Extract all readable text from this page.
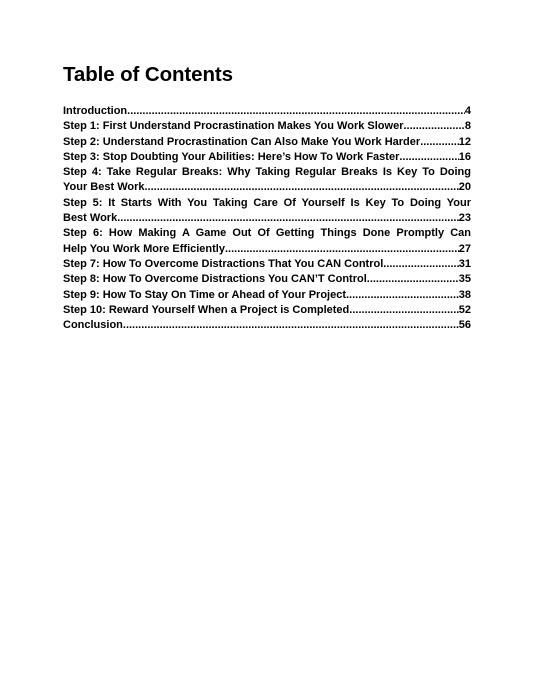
Table of Contents
Introduction .....	4
Step 1: First Understand Procrastination Makes You Work Slower .....	8
Step 2: Understand Procrastination Can Also Make You Work Harder .....	12
Step 3: Stop Doubting Your Abilities: Here’s How To Work Faster .....	16
Step 4: Take Regular Breaks: Why Taking Regular Breaks Is Key To Doing
Your Best Work .....	20
Step 5: It Starts With You Taking Care Of Yourself Is Key To Doing Your
Best Work .....	23
Step 6: How Making A Game Out Of Getting Things Done Promptly Can
Help You Work More Efficiently .....	27
Step 7: How To Overcome Distractions That You CAN Control .....	31
Step 8: How To Overcome Distractions You CAN’T Control .....	35
Step 9: How To Stay On Time or Ahead of Your Project .....	38
Step 10: Reward Yourself When a Project is Completed .....	52
Conclusion .....	56
